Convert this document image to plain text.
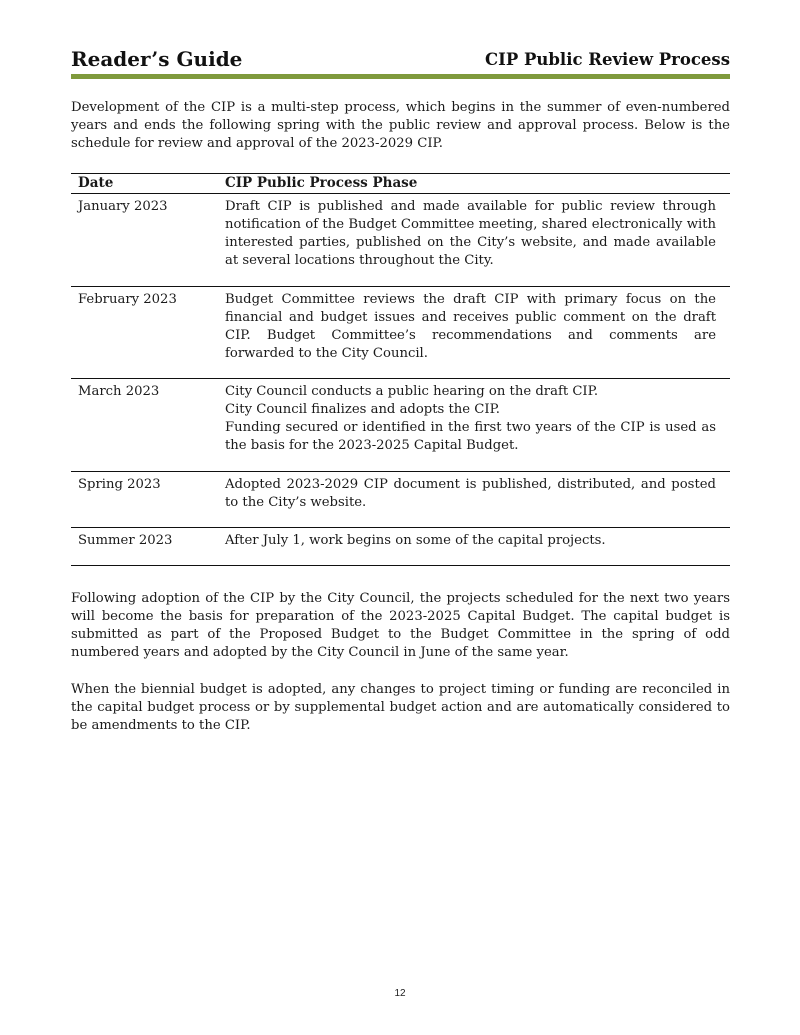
Reader’s Guide	CIP Public Review Process

Development of the CIP is a multi-step process, which begins in the summer of even-numbered years and ends the following spring with the public review and approval process. Below is the schedule for review and approval of the 2023-2029 CIP.

Date	CIP Public Process Phase
January 2023	Draft CIP is published and made available for public review through notification of the Budget Committee meeting, shared electronically with interested parties, published on the City’s website, and made available at several locations throughout the City.
February 2023	Budget Committee reviews the draft CIP with primary focus on the financial and budget issues and receives public comment on the draft CIP. Budget Committee’s recommendations and comments are forwarded to the City Council.
March 2023	City Council conducts a public hearing on the draft CIP.
City Council finalizes and adopts the CIP.
Funding secured or identified in the first two years of the CIP is used as the basis for the 2023-2025 Capital Budget.
Spring 2023	Adopted 2023-2029 CIP document is published, distributed, and posted to the City’s website.
Summer 2023	After July 1, work begins on some of the capital projects.

Following adoption of the CIP by the City Council, the projects scheduled for the next two years will become the basis for preparation of the 2023-2025 Capital Budget. The capital budget is submitted as part of the Proposed Budget to the Budget Committee in the spring of odd numbered years and adopted by the City Council in June of the same year.

When the biennial budget is adopted, any changes to project timing or funding are reconciled in the capital budget process or by supplemental budget action and are automatically considered to be amendments to the CIP.

12
